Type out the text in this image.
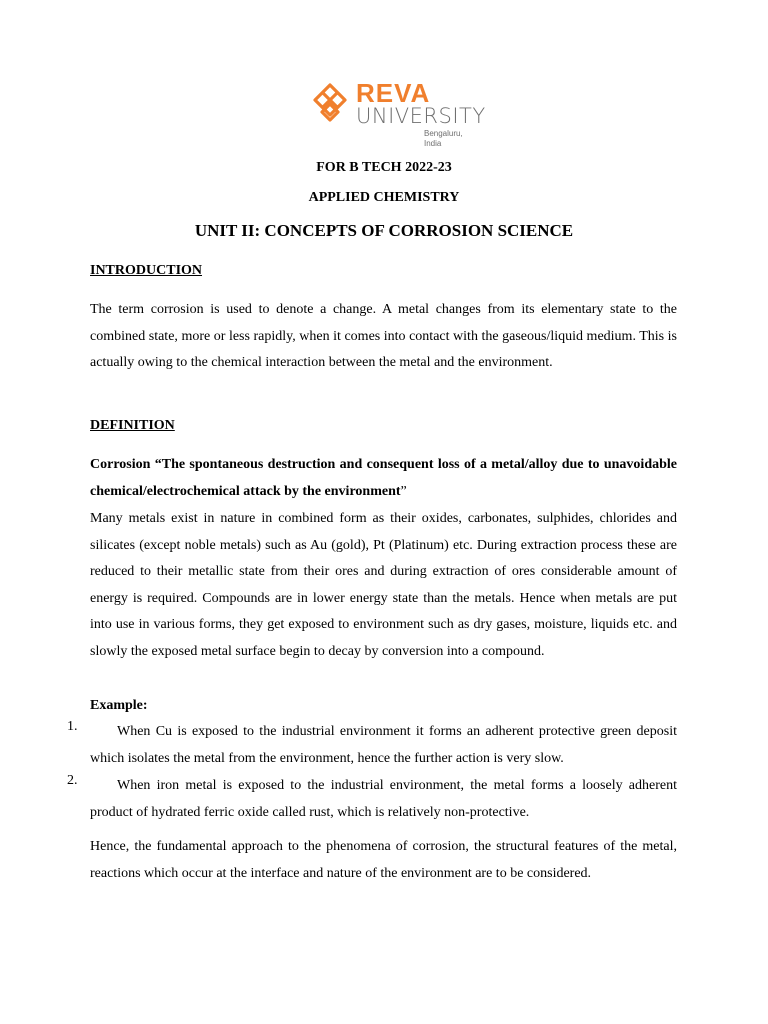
REVA
UNIVERSITY
Bengaluru, India
FOR B TECH 2022-23
APPLIED CHEMISTRY
UNIT II: CONCEPTS OF CORROSION SCIENCE
INTRODUCTION
The term corrosion is used to denote a change. A metal changes from its elementary state to the combined state, more or less rapidly, when it comes into contact with the gaseous/liquid medium. This is actually owing to the chemical interaction between the metal and the environment.
DEFINITION
Corrosion “The spontaneous destruction and consequent loss of a metal/alloy due to unavoidable chemical/electrochemical attack by the environment”
Many metals exist in nature in combined form as their oxides, carbonates, sulphides, chlorides and silicates (except noble metals) such as Au (gold), Pt (Platinum) etc. During extraction process these are reduced to their metallic state from their ores and during extraction of ores considerable amount of energy is required. Compounds are in lower energy state than the metals. Hence when metals are put into use in various forms, they get exposed to environment such as dry gases, moisture, liquids etc. and slowly the exposed metal surface begin to decay by conversion into a compound.
Example:
1.	When Cu is exposed to the industrial environment it forms an adherent protective green deposit which isolates the metal from the environment, hence the further action is very slow.
2.	When iron metal is exposed to the industrial environment, the metal forms a loosely adherent product of hydrated ferric oxide called rust, which is relatively non-protective.
Hence, the fundamental approach to the phenomena of corrosion, the structural features of the metal, reactions which occur at the interface and nature of the environment are to be considered.
